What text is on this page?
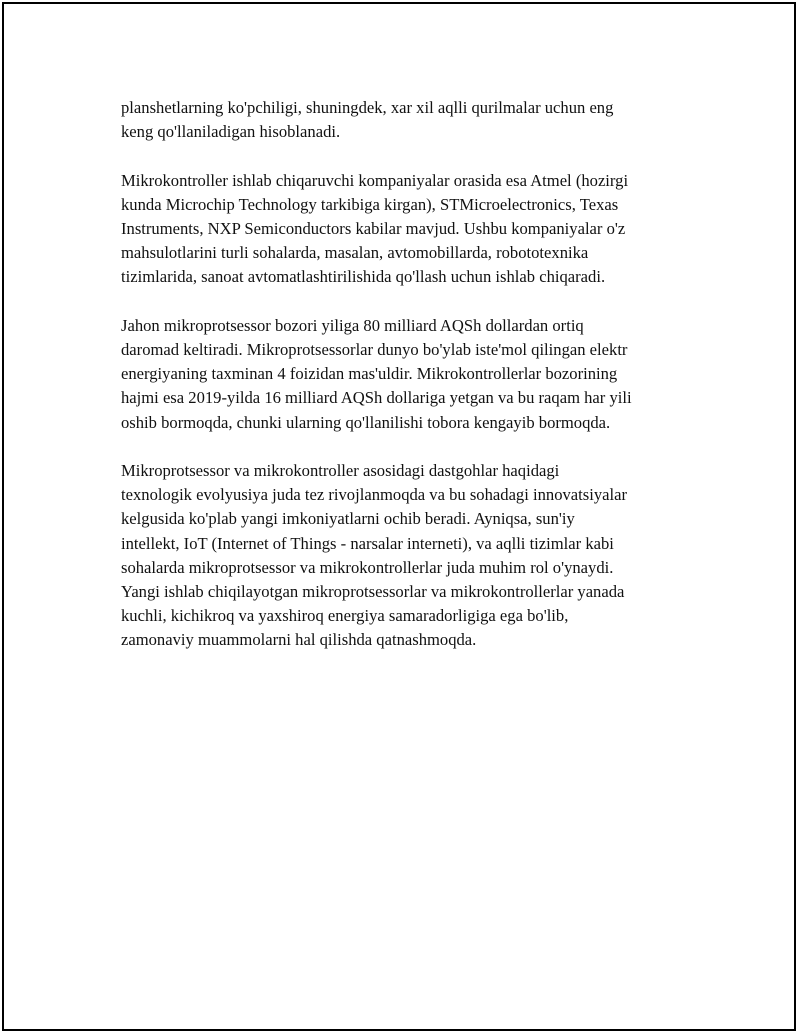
planshetlarning ko'pchiligi, shuningdek, xar xil aqlli qurilmalar uchun eng
keng qo'llaniladigan hisoblanadi.

Mikrokontroller ishlab chiqaruvchi kompaniyalar orasida esa Atmel (hozirgi
kunda Microchip Technology tarkibiga kirgan), STMicroelectronics, Texas
Instruments, NXP Semiconductors kabilar mavjud. Ushbu kompaniyalar o'z
mahsulotlarini turli sohalarda, masalan, avtomobillarda, robototexnika
tizimlarida, sanoat avtomatlashtirilishida qo'llash uchun ishlab chiqaradi.

Jahon mikroprotsessor bozori yiliga 80 milliard AQSh dollardan ortiq
daromad keltiradi. Mikroprotsessorlar dunyo bo'ylab iste'mol qilingan elektr
energiyaning taxminan 4 foizidan mas'uldir. Mikrokontrollerlar bozorining
hajmi esa 2019-yilda 16 milliard AQSh dollariga yetgan va bu raqam har yili
oshib bormoqda, chunki ularning qo'llanilishi tobora kengayib bormoqda.

Mikroprotsessor va mikrokontroller asosidagi dastgohlar haqidagi
texnologik evolyusiya juda tez rivojlanmoqda va bu sohadagi innovatsiyalar
kelgusida ko'plab yangi imkoniyatlarni ochib beradi. Ayniqsa, sun'iy
intellekt, IoT (Internet of Things - narsalar interneti), va aqlli tizimlar kabi
sohalarda mikroprotsessor va mikrokontrollerlar juda muhim rol o'ynaydi.
Yangi ishlab chiqilayotgan mikroprotsessorlar va mikrokontrollerlar yanada
kuchli, kichikroq va yaxshiroq energiya samaradorligiga ega bo'lib,
zamonaviy muammolarni hal qilishda qatnashmoqda.
